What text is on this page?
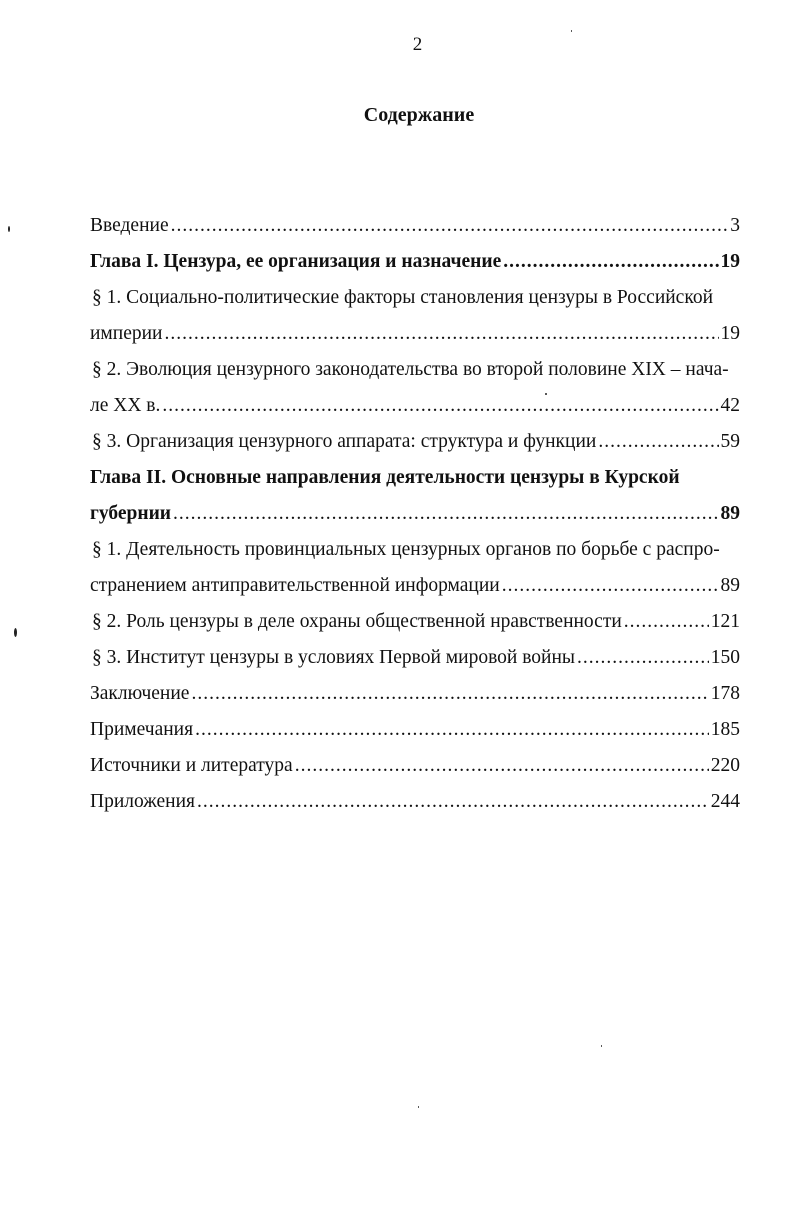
2
Содержание
Введение .....	3
Глава I. Цензура, ее организация и назначение .....	19
§ 1. Социально-политические факторы становления цензуры в Российской
империи .....	19
§ 2. Эволюция цензурного законодательства во второй половине XIX – нача-
ле XX в. .....	42
§ 3. Организация цензурного аппарата: структура и функции .....	59
Глава II. Основные направления деятельности цензуры в Курской
губернии .....	89
§ 1. Деятельность провинциальных цензурных органов по борьбе с распро-
странением антиправительственной информации .....	89
§ 2. Роль цензуры в деле охраны общественной нравственности .....	121
§ 3. Институт цензуры в условиях Первой мировой войны .....	150
Заключение .....	178
Примечания .....	185
Источники и литература .....	220
Приложения .....	244
